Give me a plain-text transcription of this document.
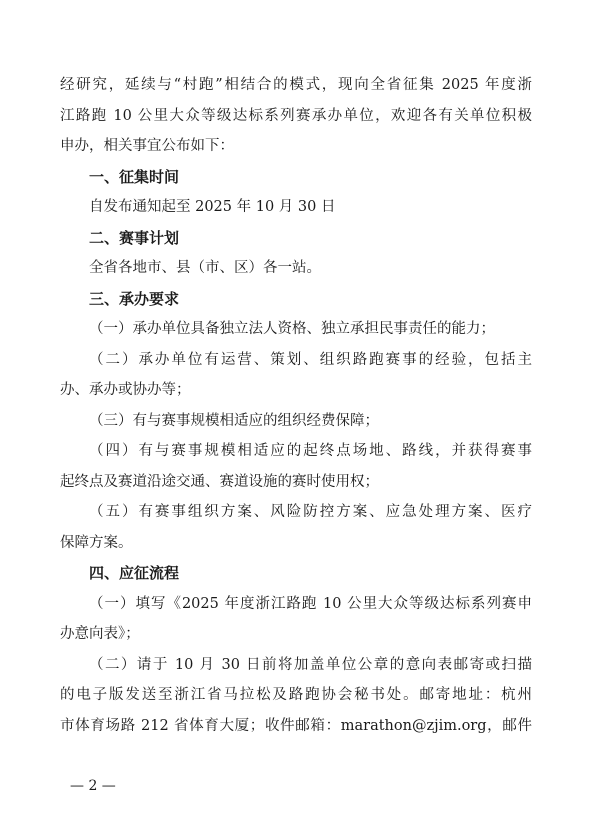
经研究，延续与“村跑”相结合的模式，现向全省征集 2025 年度浙
江路跑 10 公里大众等级达标系列赛承办单位，欢迎各有关单位积极
申办，相关事宜公布如下：
一、征集时间
自发布通知起至 2025 年 10 月 30 日
二、赛事计划
全省各地市、县（市、区）各一站。
三、承办要求
（一）承办单位具备独立法人资格、独立承担民事责任的能力；
（二）承办单位有运营、策划、组织路跑赛事的经验，包括主
办、承办或协办等；
（三）有与赛事规模相适应的组织经费保障；
（四）有与赛事规模相适应的起终点场地、路线，并获得赛事
起终点及赛道沿途交通、赛道设施的赛时使用权；
（五）有赛事组织方案、风险防控方案、应急处理方案、医疗
保障方案。
四、应征流程
（一）填写《2025 年度浙江路跑 10 公里大众等级达标系列赛申
办意向表》；
（二）请于 10 月 30 日前将加盖单位公章的意向表邮寄或扫描
的电子版发送至浙江省马拉松及路跑协会秘书处。邮寄地址：杭州
市体育场路 212 省体育大厦；收件邮箱：marathon@zjim.org，邮件
— 2 —
